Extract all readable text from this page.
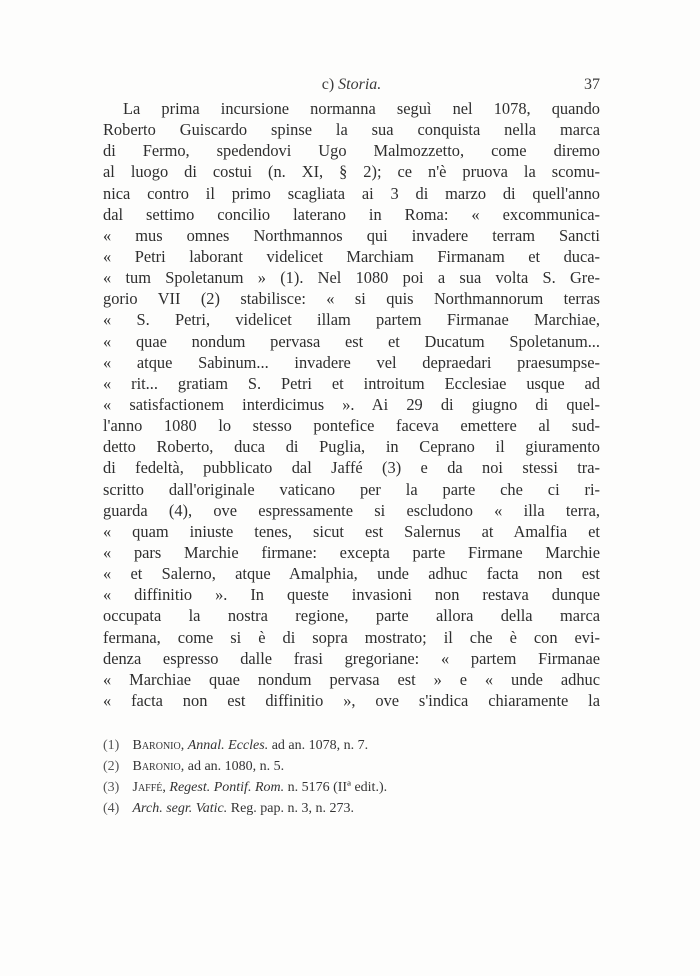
c) Storia.	37
La prima incursione normanna seguì nel 1078, quando
Roberto Guiscardo spinse la sua conquista nella marca
di Fermo, spedendovi Ugo Malmozzetto, come diremo
al luogo di costui (n. XI, § 2); ce n'è pruova la scomu-
nica contro il primo scagliata ai 3 di marzo di quell'anno
dal settimo concilio laterano in Roma: « excommunica-
« mus omnes Northmannos qui invadere terram Sancti
« Petri laborant videlicet Marchiam Firmanam et duca-
« tum Spoletanum » (1). Nel 1080 poi a sua volta S. Gre-
gorio VII (2) stabilisce: « si quis Northmannorum terras
« S. Petri, videlicet illam partem Firmanae Marchiae,
« quae nondum pervasa est et Ducatum Spoletanum...
« atque Sabinum... invadere vel depraedari praesumpse-
« rit... gratiam S. Petri et introitum Ecclesiae usque ad
« satisfactionem interdicimus ». Ai 29 di giugno di quel-
l'anno 1080 lo stesso pontefice faceva emettere al sud-
detto Roberto, duca di Puglia, in Ceprano il giuramento
di fedeltà, pubblicato dal Jaffé (3) e da noi stessi tra-
scritto dall'originale vaticano per la parte che ci ri-
guarda (4), ove espressamente si escludono « illa terra,
« quam iniuste tenes, sicut est Salernus at Amalfia et
« pars Marchie firmane: excepta parte Firmane Marchie
« et Salerno, atque Amalphia, unde adhuc facta non est
« diffinitio ». In queste invasioni non restava dunque
occupata la nostra regione, parte allora della marca
fermana, come si è di sopra mostrato; il che è con evi-
denza espresso dalle frasi gregoriane: « partem Firmanae
« Marchiae quae nondum pervasa est » e « unde adhuc
« facta non est diffinitio », ove s'indica chiaramente la
(1) Baronio, Annal. Eccles. ad an. 1078, n. 7.
(2) Baronio, ad an. 1080, n. 5.
(3) Jaffé, Regest. Pontif. Rom. n. 5176 (IIª edit.).
(4) Arch. segr. Vatic. Reg. pap. n. 3, n. 273.
